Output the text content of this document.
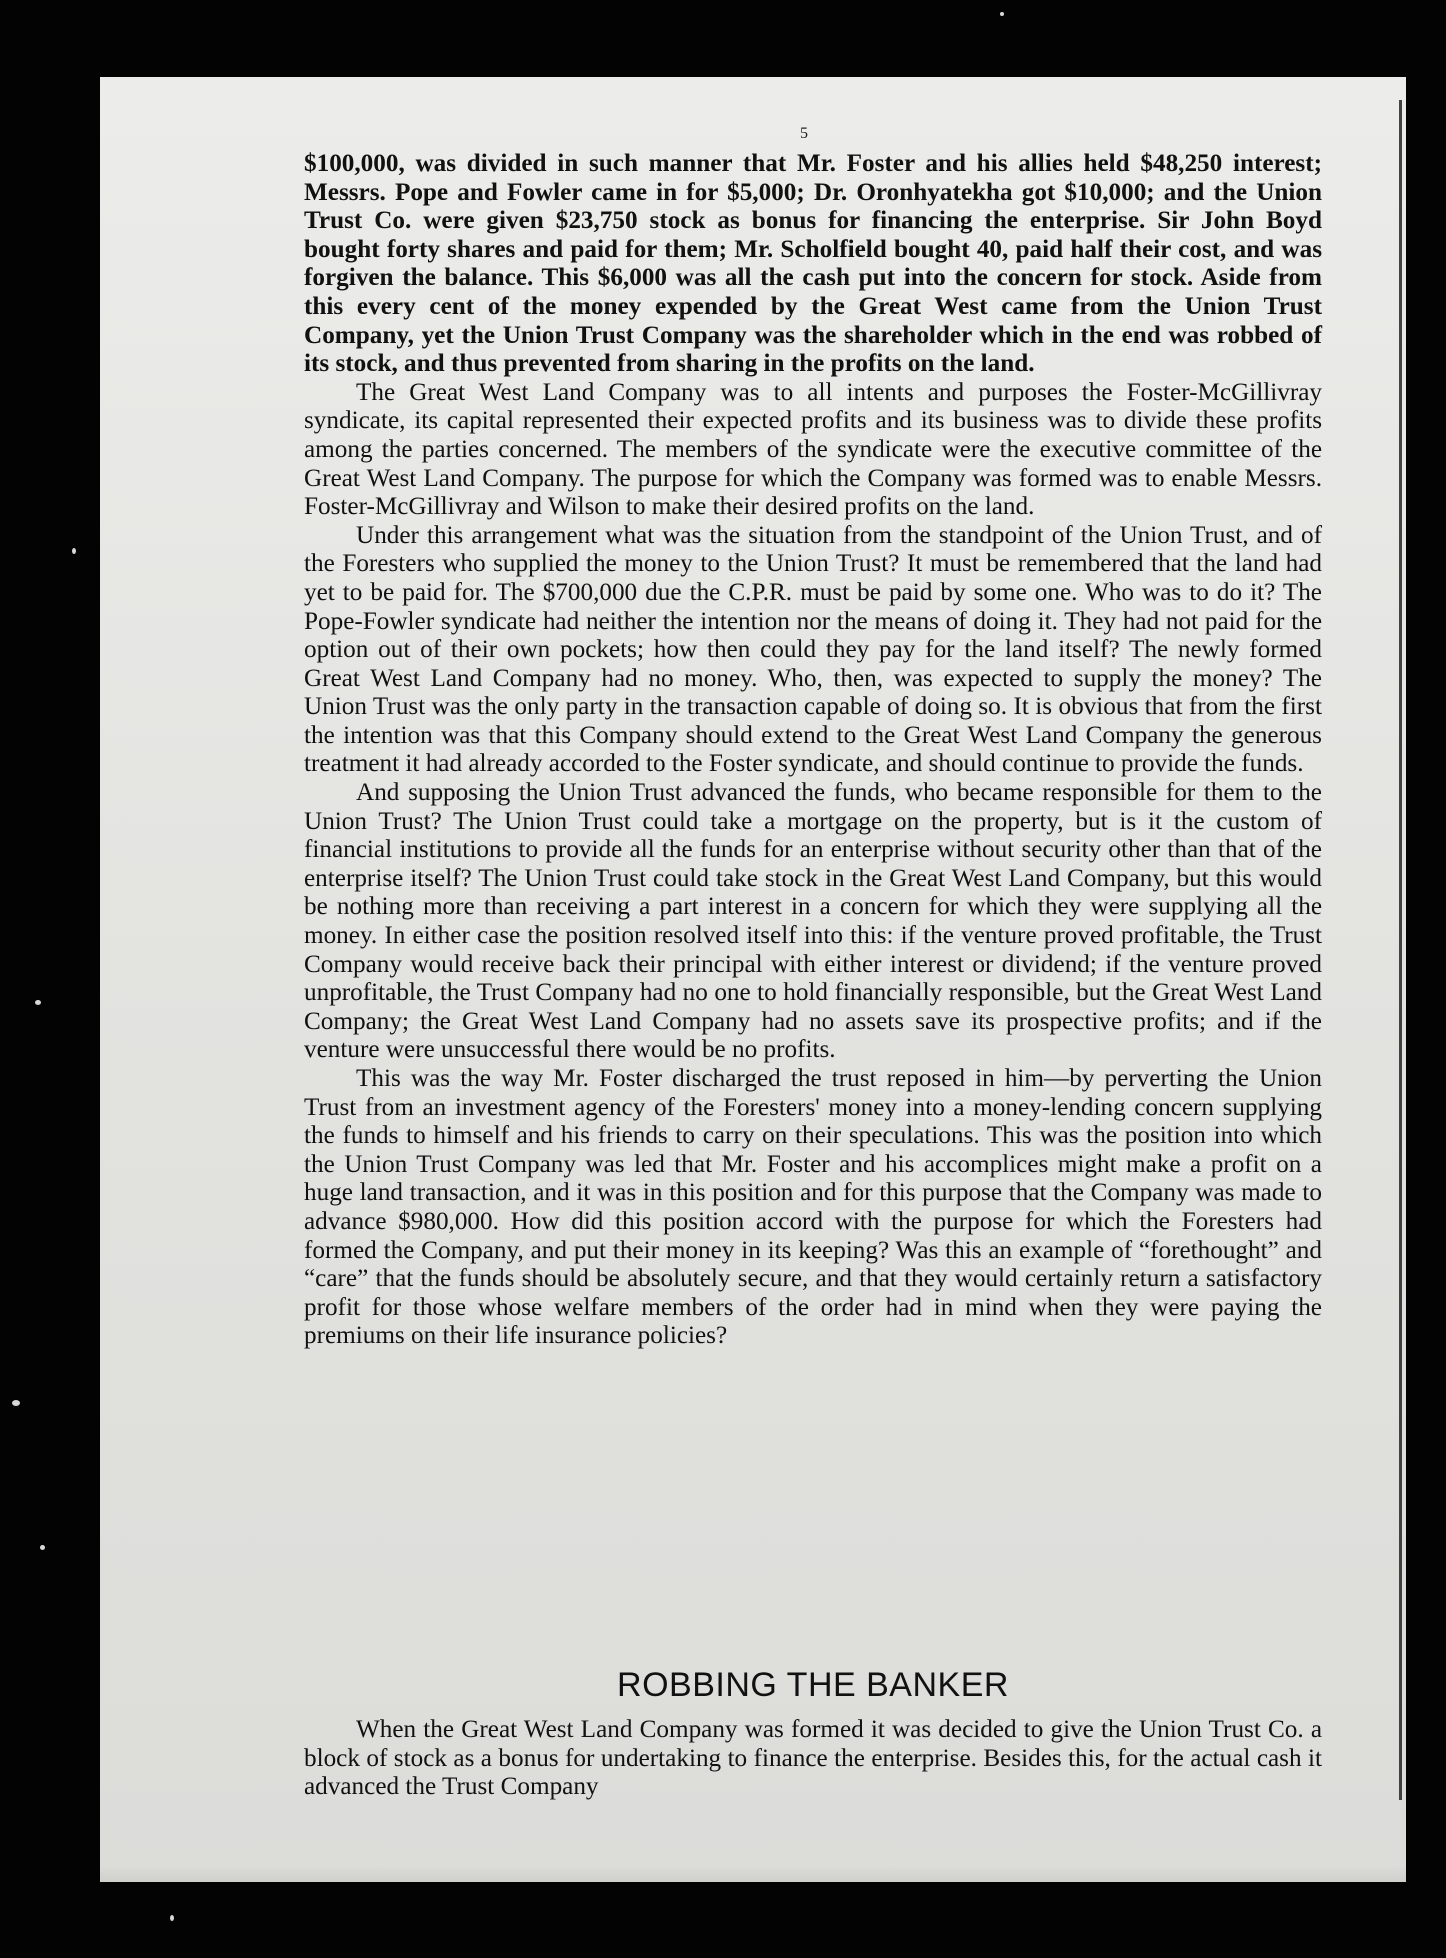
5

$100,000, was divided in such manner that Mr. Foster and his allies held $48,250 interest; Messrs. Pope and Fowler came in for $5,000; Dr. Oronhyatekha got $10,000; and the Union Trust Co. were given $23,750 stock as bonus for financing the enterprise. Sir John Boyd bought forty shares and paid for them; Mr. Scholfield bought 40, paid half their cost, and was forgiven the balance. This $6,000 was all the cash put into the concern for stock. Aside from this every cent of the money expended by the Great West came from the Union Trust Company, yet the Union Trust Company was the shareholder which in the end was robbed of its stock, and thus prevented from sharing in the profits on the land.

The Great West Land Company was to all intents and purposes the Foster-McGillivray syndicate, its capital represented their expected profits and its business was to divide these profits among the parties concerned. The members of the syndicate were the executive committee of the Great West Land Company. The purpose for which the Company was formed was to enable Messrs. Foster-McGillivray and Wilson to make their desired profits on the land.

Under this arrangement what was the situation from the standpoint of the Union Trust, and of the Foresters who supplied the money to the Union Trust? It must be remembered that the land had yet to be paid for. The $700,000 due the C.P.R. must be paid by some one. Who was to do it? The Pope-Fowler syndicate had neither the intention nor the means of doing it. They had not paid for the option out of their own pockets; how then could they pay for the land itself? The newly formed Great West Land Company had no money. Who, then, was expected to supply the money? The Union Trust was the only party in the transaction capable of doing so. It is obvious that from the first the intention was that this Company should extend to the Great West Land Company the generous treatment it had already accorded to the Foster syndicate, and should continue to provide the funds.

And supposing the Union Trust advanced the funds, who became responsible for them to the Union Trust? The Union Trust could take a mortgage on the property, but is it the custom of financial institutions to provide all the funds for an enterprise without security other than that of the enterprise itself? The Union Trust could take stock in the Great West Land Company, but this would be nothing more than receiving a part interest in a concern for which they were supplying all the money. In either case the position resolved itself into this: if the venture proved profitable, the Trust Company would receive back their principal with either interest or dividend; if the venture proved unprofitable, the Trust Company had no one to hold financially responsible, but the Great West Land Company; the Great West Land Company had no assets save its prospective profits; and if the venture were unsuccessful there would be no profits.

This was the way Mr. Foster discharged the trust reposed in him—by perverting the Union Trust from an investment agency of the Foresters' money into a money-lending concern supplying the funds to himself and his friends to carry on their speculations. This was the position into which the Union Trust Company was led that Mr. Foster and his accomplices might make a profit on a huge land transaction, and it was in this position and for this purpose that the Company was made to advance $980,000. How did this position accord with the purpose for which the Foresters had formed the Company, and put their money in its keeping? Was this an example of “forethought” and “care” that the funds should be absolutely secure, and that they would certainly return a satisfactory profit for those whose welfare members of the order had in mind when they were paying the premiums on their life insurance policies?

ROBBING THE BANKER

When the Great West Land Company was formed it was decided to give the Union Trust Co. a block of stock as a bonus for undertaking to finance the enterprise. Besides this, for the actual cash it advanced the Trust Company
